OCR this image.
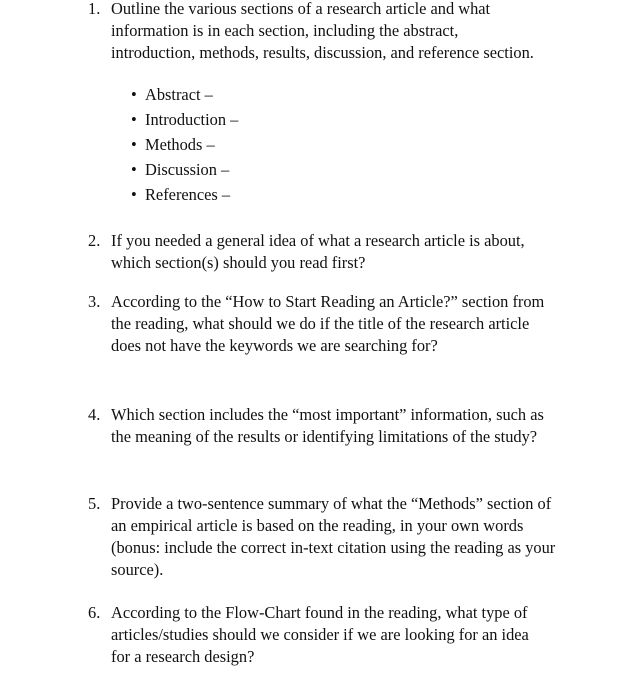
1. Outline the various sections of a research article and what information is in each section, including the abstract, introduction, methods, results, discussion, and reference section.
• Abstract –
• Introduction –
• Methods –
• Discussion –
• References –
2. If you needed a general idea of what a research article is about, which section(s) should you read first?
3. According to the “How to Start Reading an Article?” section from the reading, what should we do if the title of the research article does not have the keywords we are searching for?
4. Which section includes the “most important” information, such as the meaning of the results or identifying limitations of the study?
5. Provide a two-sentence summary of what the “Methods” section of an empirical article is based on the reading, in your own words (bonus: include the correct in-text citation using the reading as your source).
6. According to the Flow-Chart found in the reading, what type of articles/studies should we consider if we are looking for an idea for a research design?
